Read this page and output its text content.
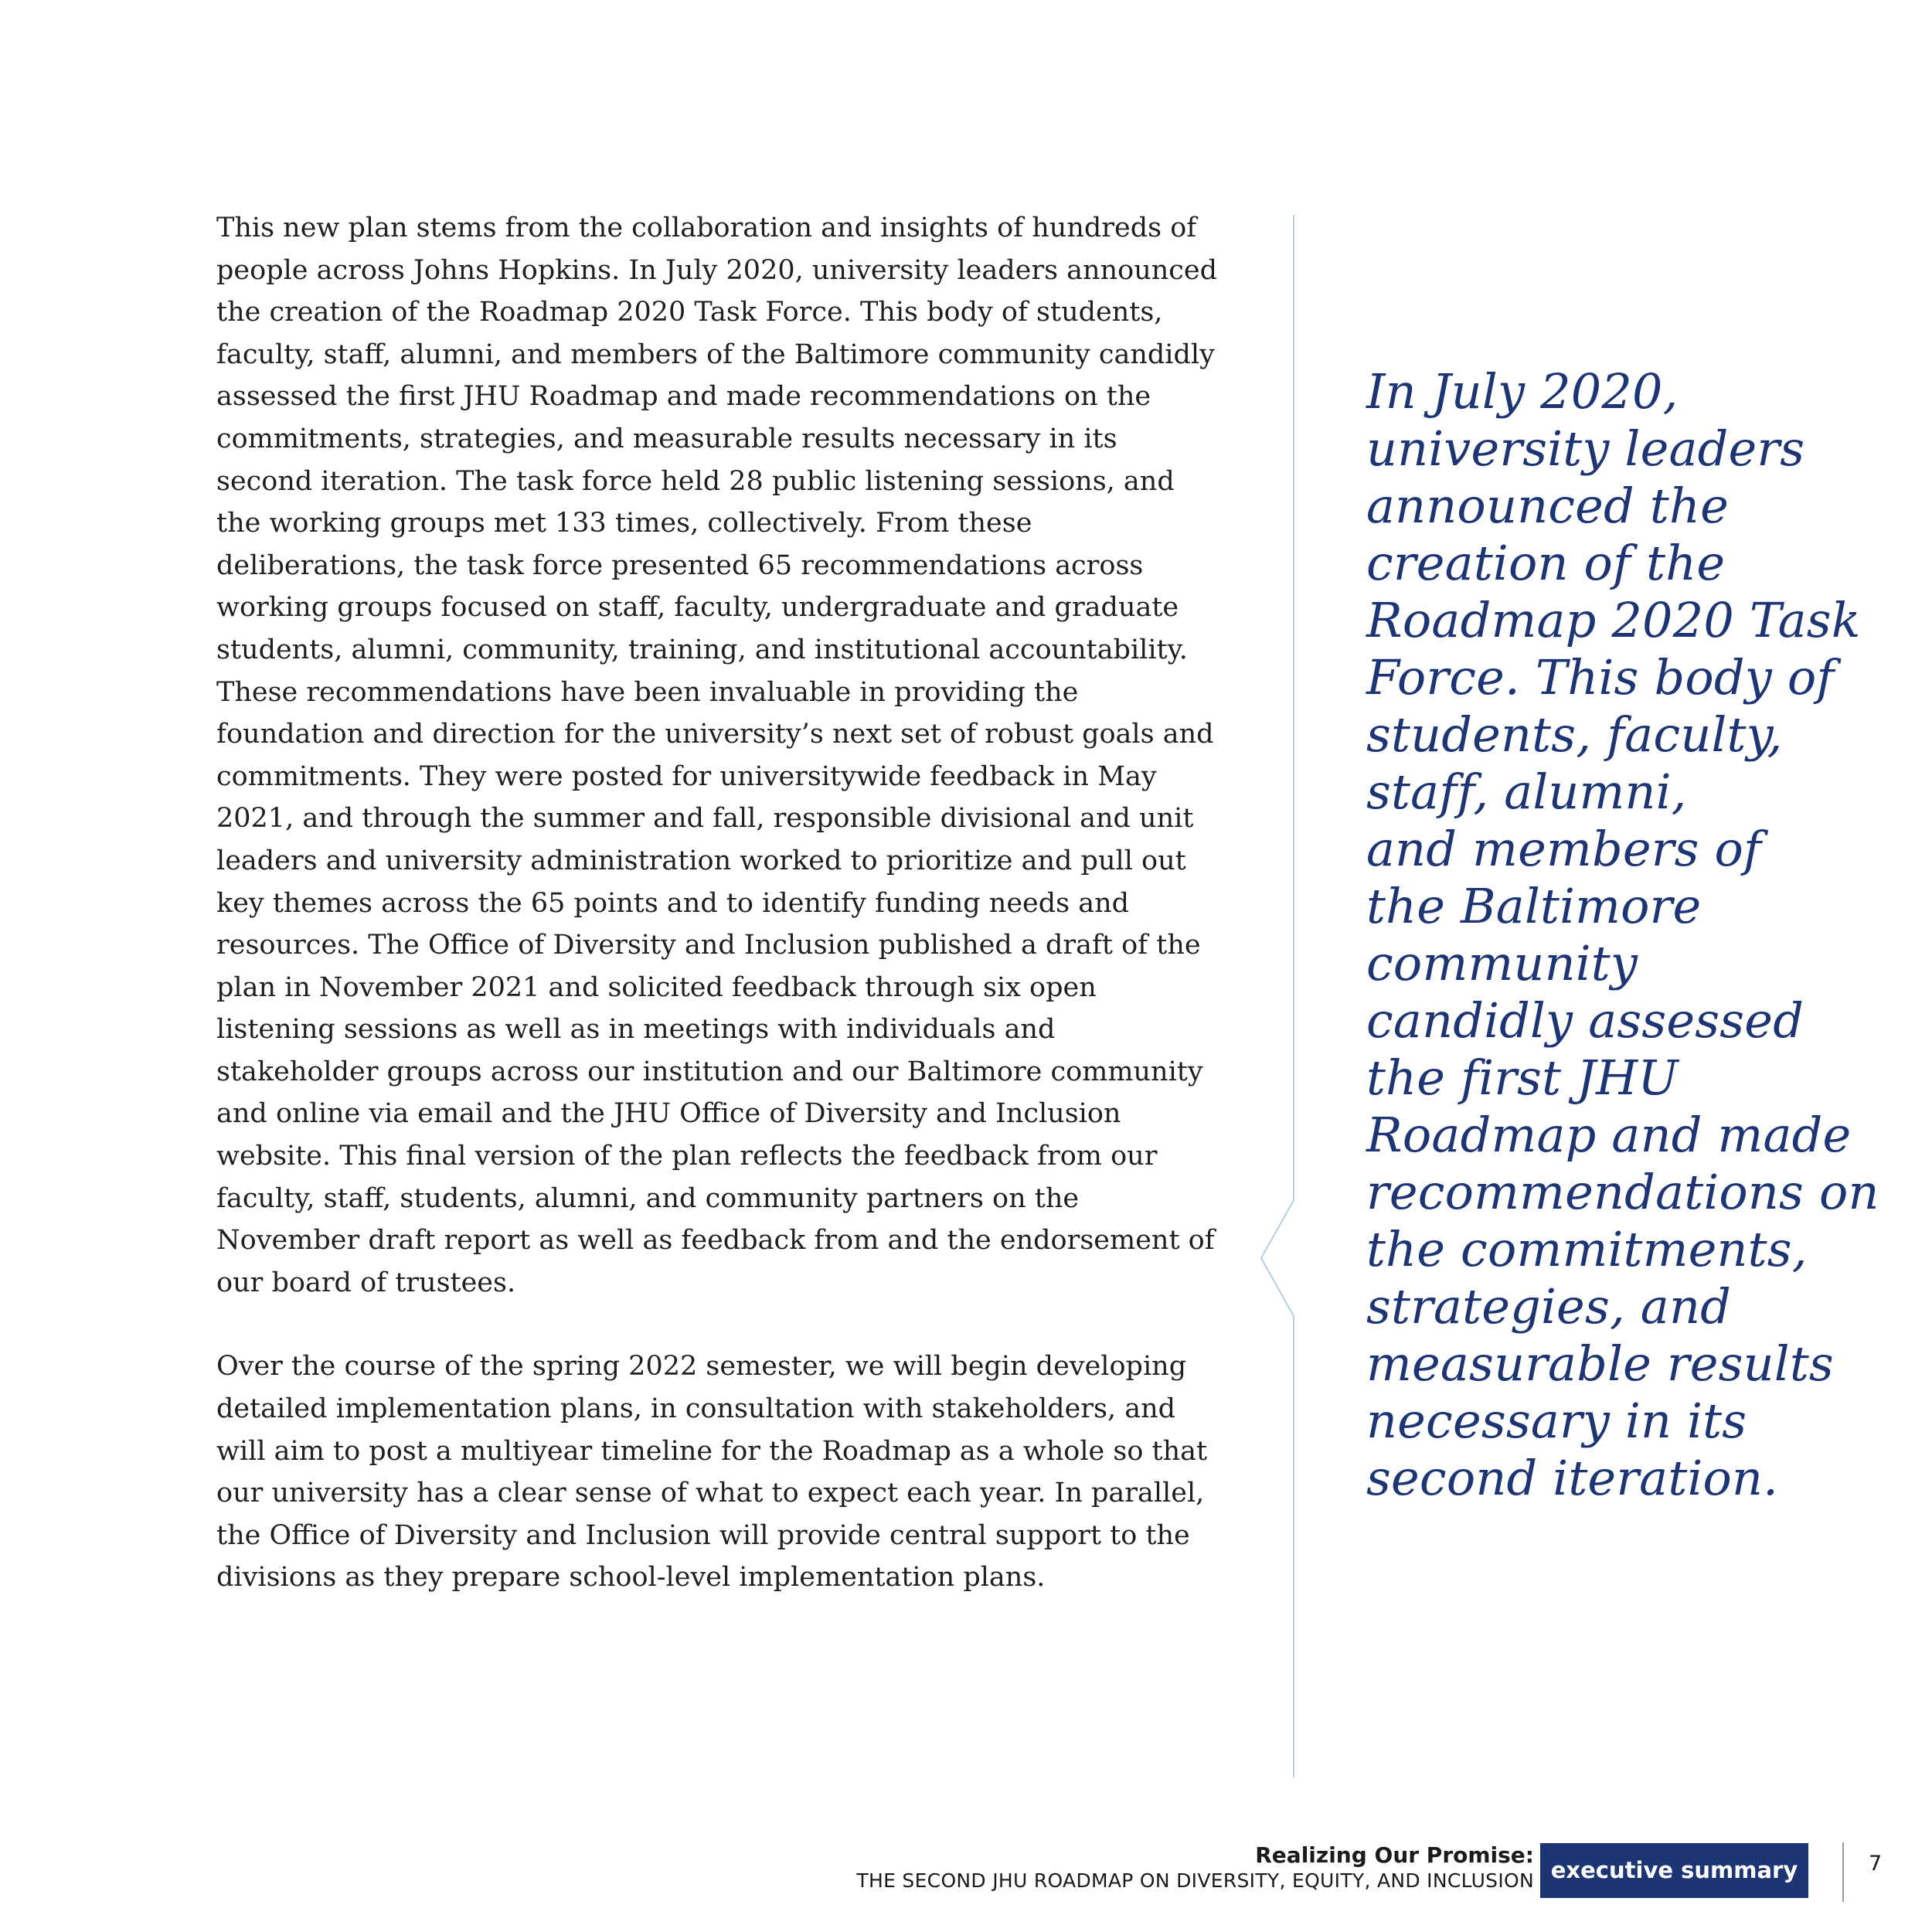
This new plan stems from the collaboration and insights of hundreds of people across Johns Hopkins. In July 2020, university leaders announced the creation of the Roadmap 2020 Task Force. This body of students, faculty, staff, alumni, and members of the Baltimore community candidly assessed the first JHU Roadmap and made recommendations on the commitments, strategies, and measurable results necessary in its second iteration. The task force held 28 public listening sessions, and the working groups met 133 times, collectively. From these deliberations, the task force presented 65 recommendations across working groups focused on staff, faculty, undergraduate and graduate students, alumni, community, training, and institutional accountability. These recommendations have been invaluable in providing the foundation and direction for the university’s next set of robust goals and commitments. They were posted for universitywide feedback in May 2021, and through the summer and fall, responsible divisional and unit leaders and university administration worked to prioritize and pull out key themes across the 65 points and to identify funding needs and resources. The Office of Diversity and Inclusion published a draft of the plan in November 2021 and solicited feedback through six open listening sessions as well as in meetings with individuals and stakeholder groups across our institution and our Baltimore community and online via email and the JHU Office of Diversity and Inclusion website. This final version of the plan reflects the feedback from our faculty, staff, students, alumni, and community partners on the November draft report as well as feedback from and the endorsement of our board of trustees.

Over the course of the spring 2022 semester, we will begin developing detailed implementation plans, in consultation with stakeholders, and will aim to post a multiyear timeline for the Roadmap as a whole so that our university has a clear sense of what to expect each year. In parallel, the Office of Diversity and Inclusion will provide central support to the divisions as they prepare school-level implementation plans.

In July 2020,
university leaders
announced the
creation of the
Roadmap 2020 Task
Force. This body of
students, faculty,
staff, alumni,
and members of
the Baltimore
community
candidly assessed
the first JHU
Roadmap and made
recommendations on
the commitments,
strategies, and
measurable results
necessary in its
second iteration.
Realizing Our Promise:
THE SECOND JHU ROADMAP ON DIVERSITY, EQUITY, AND INCLUSION executive summary	7
